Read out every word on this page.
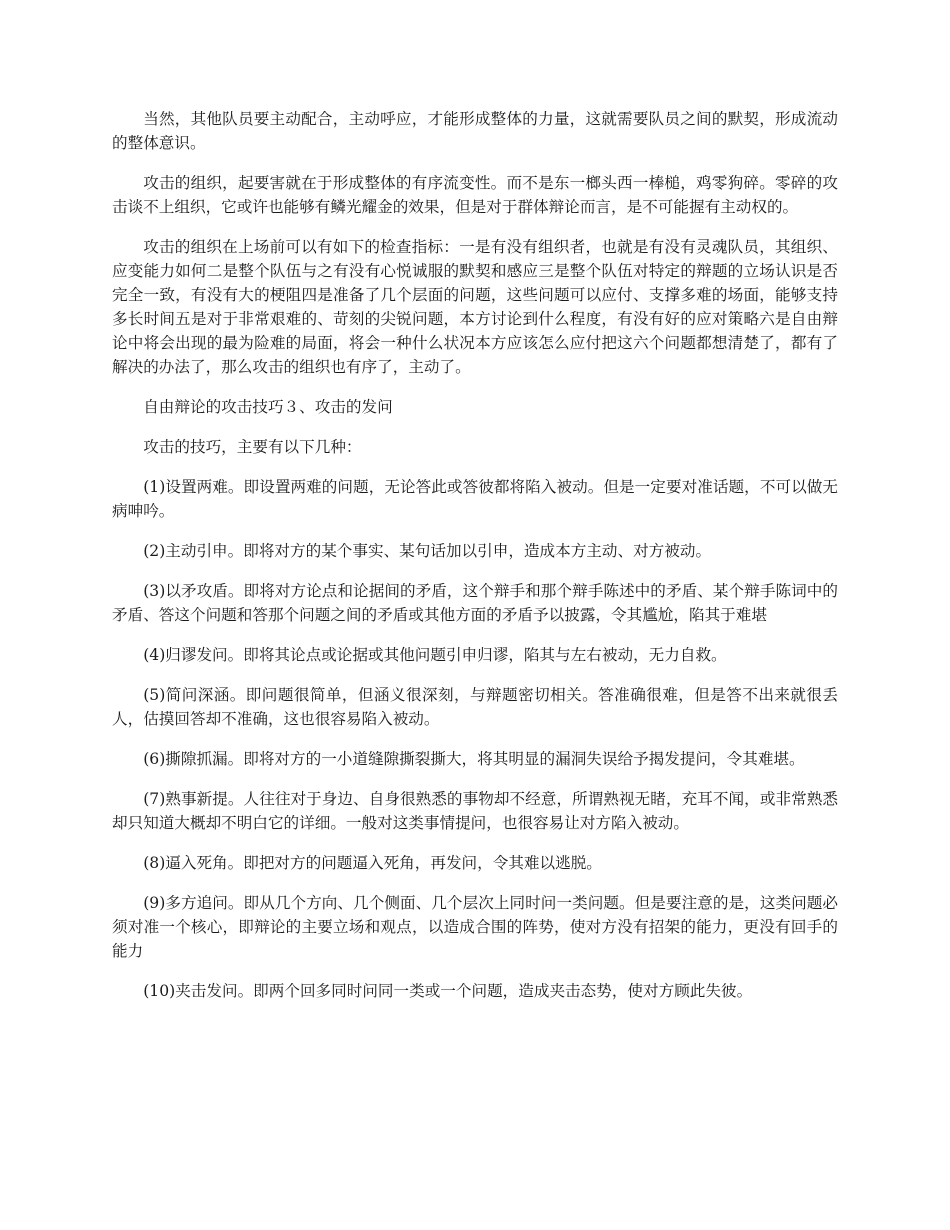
当然，其他队员要主动配合，主动呼应，才能形成整体的力量，这就需要队员之间的默契，形成流动的整体意识。

攻击的组织，起要害就在于形成整体的有序流变性。而不是东一榔头西一棒槌，鸡零狗碎。零碎的攻击谈不上组织，它或许也能够有鳞光耀金的效果，但是对于群体辩论而言，是不可能握有主动权的。

攻击的组织在上场前可以有如下的检查指标：一是有没有组织者，也就是有没有灵魂队员，其组织、应变能力如何二是整个队伍与之有没有心悦诚服的默契和感应三是整个队伍对特定的辩题的立场认识是否完全一致，有没有大的梗阻四是准备了几个层面的问题，这些问题可以应付、支撑多难的场面，能够支持多长时间五是对于非常艰难的、苛刻的尖锐问题，本方讨论到什么程度，有没有好的应对策略六是自由辩论中将会出现的最为险难的局面，将会一种什么状况本方应该怎么应付把这六个问题都想清楚了，都有了解决的办法了，那么攻击的组织也有序了，主动了。

自由辩论的攻击技巧３、攻击的发问

攻击的技巧，主要有以下几种：

(1)设置两难。即设置两难的问题，无论答此或答彼都将陷入被动。但是一定要对准话题，不可以做无病呻吟。

(2)主动引申。即将对方的某个事实、某句话加以引申，造成本方主动、对方被动。

(3)以矛攻盾。即将对方论点和论据间的矛盾，这个辩手和那个辩手陈述中的矛盾、某个辩手陈词中的矛盾、答这个问题和答那个问题之间的矛盾或其他方面的矛盾予以披露，令其尴尬，陷其于难堪

(4)归谬发问。即将其论点或论据或其他问题引申归谬，陷其与左右被动，无力自救。

(5)简问深涵。即问题很简单，但涵义很深刻，与辩题密切相关。答准确很难，但是答不出来就很丢人，估摸回答却不准确，这也很容易陷入被动。

(6)撕隙抓漏。即将对方的一小道缝隙撕裂撕大，将其明显的漏洞失误给予揭发提问，令其难堪。

(7)熟事新提。人往往对于身边、自身很熟悉的事物却不经意，所谓熟视无睹，充耳不闻，或非常熟悉却只知道大概却不明白它的详细。一般对这类事情提问，也很容易让对方陷入被动。

(8)逼入死角。即把对方的问题逼入死角，再发问，令其难以逃脱。

(9)多方追问。即从几个方向、几个侧面、几个层次上同时问一类问题。但是要注意的是，这类问题必须对准一个核心，即辩论的主要立场和观点，以造成合围的阵势，使对方没有招架的能力，更没有回手的能力

(10)夹击发问。即两个回多同时问同一类或一个问题，造成夹击态势，使对方顾此失彼。
